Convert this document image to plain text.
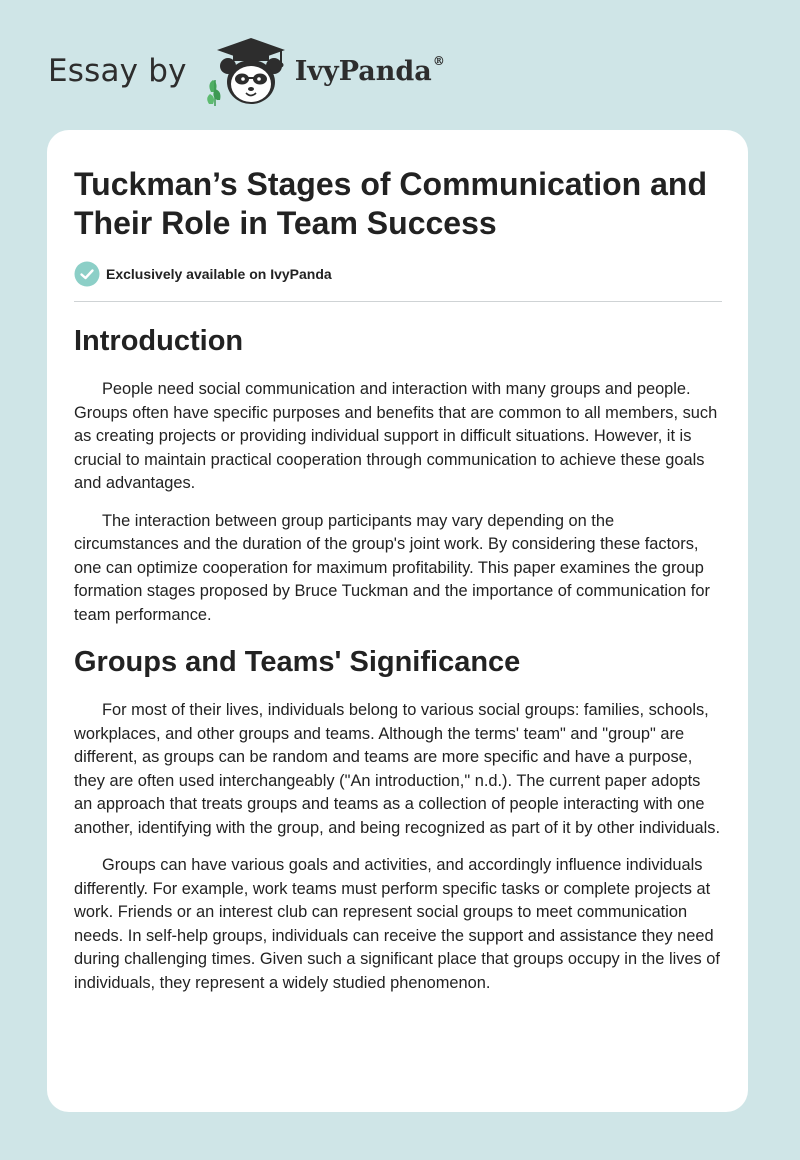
Essay by	IvyPanda®
Tuckman’s Stages of Communication and Their Role in Team Success
Exclusively available on IvyPanda
Introduction

People need social communication and interaction with many groups and people. Groups often have specific purposes and benefits that are common to all members, such as creating projects or providing individual support in difficult situations. However, it is crucial to maintain practical cooperation through communication to achieve these goals and advantages.

The interaction between group participants may vary depending on the circumstances and the duration of the group's joint work. By considering these factors, one can optimize cooperation for maximum profitability. This paper examines the group formation stages proposed by Bruce Tuckman and the importance of communication for team performance.

Groups and Teams' Significance

For most of their lives, individuals belong to various social groups: families, schools, workplaces, and other groups and teams. Although the terms' team" and "group" are different, as groups can be random and teams are more specific and have a purpose, they are often used interchangeably ("An introduction," n.d.). The current paper adopts an approach that treats groups and teams as a collection of people interacting with one another, identifying with the group, and being recognized as part of it by other individuals.

Groups can have various goals and activities, and accordingly influence individuals differently. For example, work teams must perform specific tasks or complete projects at work. Friends or an interest club can represent social groups to meet communication needs. In self-help groups, individuals can receive the support and assistance they need during challenging times. Given such a significant place that groups occupy in the lives of individuals, they represent a widely studied phenomenon.
